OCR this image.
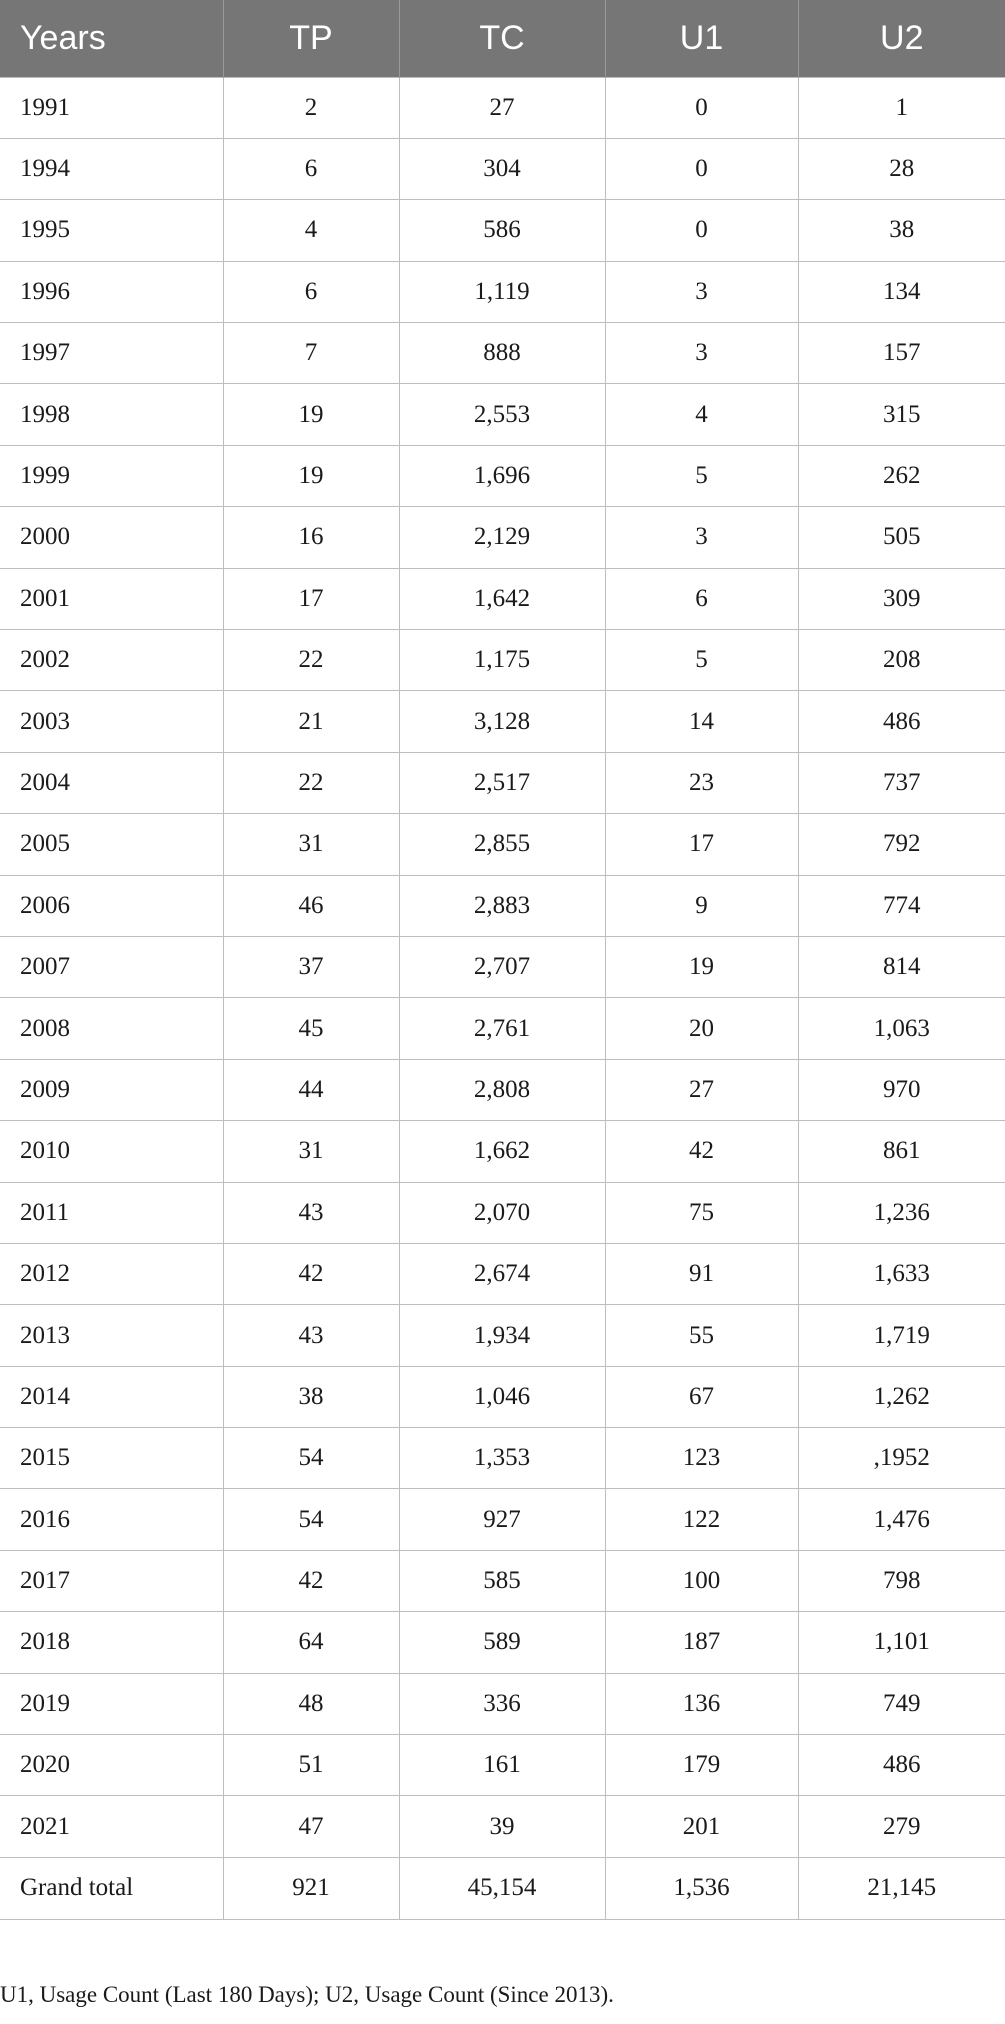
Years	TP	TC	U1	U2
1991	2	27	0	1
1994	6	304	0	28
1995	4	586	0	38
1996	6	1,119	3	134
1997	7	888	3	157
1998	19	2,553	4	315
1999	19	1,696	5	262
2000	16	2,129	3	505
2001	17	1,642	6	309
2002	22	1,175	5	208
2003	21	3,128	14	486
2004	22	2,517	23	737
2005	31	2,855	17	792
2006	46	2,883	9	774
2007	37	2,707	19	814
2008	45	2,761	20	1,063
2009	44	2,808	27	970
2010	31	1,662	42	861
2011	43	2,070	75	1,236
2012	42	2,674	91	1,633
2013	43	1,934	55	1,719
2014	38	1,046	67	1,262
2015	54	1,353	123	,1952
2016	54	927	122	1,476
2017	42	585	100	798
2018	64	589	187	1,101
2019	48	336	136	749
2020	51	161	179	486
2021	47	39	201	279
Grand total	921	45,154	1,536	21,145
U1, Usage Count (Last 180 Days); U2, Usage Count (Since 2013).
